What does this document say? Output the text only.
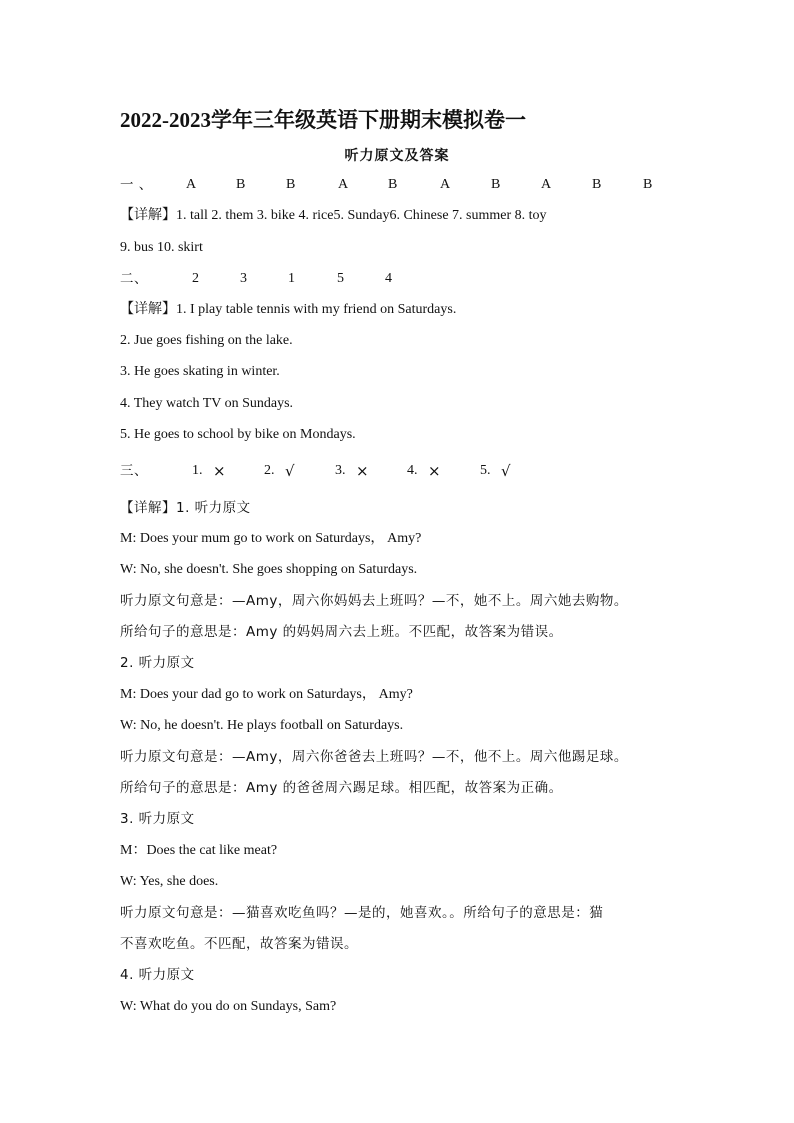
2022-2023学年三年级英语下册期末模拟卷一
听力原文及答案
一 、 A	B	B	A	B	A	B	A	B	B
【详解】1. tall 2. them 3. bike 4. rice5. Sunday6. Chinese 7. summer 8. toy
9. bus 10. skirt
二、	2	3	1	5	4
【详解】1. I play table tennis with my friend on Saturdays.
2. Jue goes fishing on the lake.
3. He goes skating in winter.
4. They watch TV on Sundays.
5. He goes to school by bike on Mondays.
三、	1. ×	2. √	3. ×	4. ×	5. √
【详解】1. 听力原文
M: Does your mum go to work on Saturdays， Amy?
W: No, she doesn't. She goes shopping on Saturdays.
听力原文句意是：—Amy，周六你妈妈去上班吗？—不，她不上。周六她去购物。
所给句子的意思是：Amy 的妈妈周六去上班。不匹配，故答案为错误。
2. 听力原文
M: Does your dad go to work on Saturdays， Amy?
W: No, he doesn't. He plays football on Saturdays.
听力原文句意是：—Amy，周六你爸爸去上班吗？—不，他不上。周六他踢足球。
所给句子的意思是：Amy 的爸爸周六踢足球。相匹配，故答案为正确。
3. 听力原文
M：Does the cat like meat?
W: Yes, she does.
听力原文句意是：—猫喜欢吃鱼吗？—是的，她喜欢。。所给句子的意思是：猫
不喜欢吃鱼。不匹配，故答案为错误。
4. 听力原文
W: What do you do on Sundays, Sam?
